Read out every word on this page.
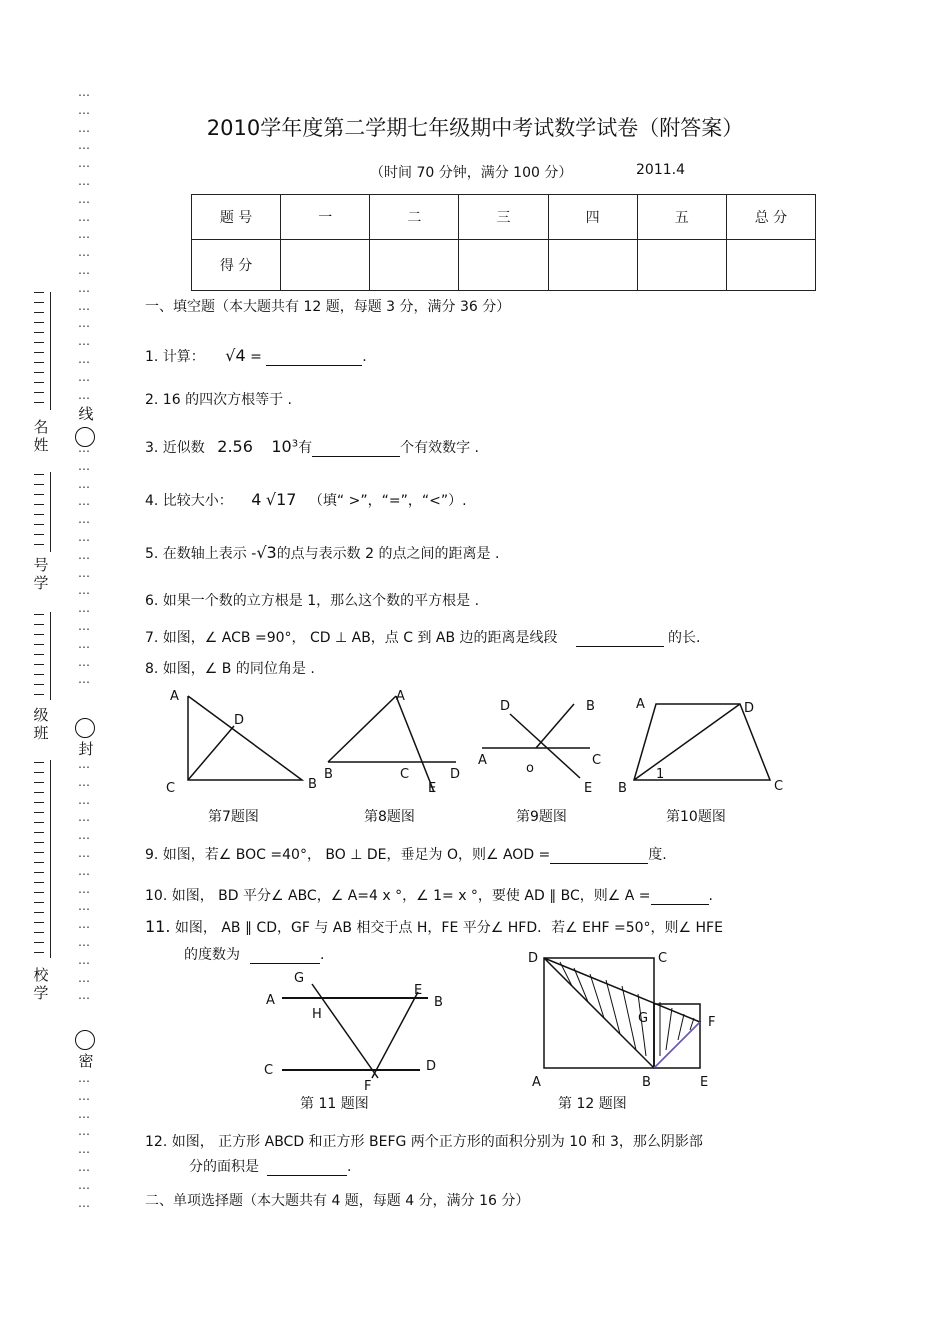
…
…
…
…
…
…
…
…
…
…
…
…
…
…
…
…
…
…

…
…
…
…
…
…
…
…
…
…
…
…
…
…

…
…
…
…
…
…
…
…
…
…
…
…
…
…

…
…
…
…
…
…
…
…

线
封
密
名姓
号学
级班
校学
2010学年度第二学期七年级期中考试数学试卷（附答案）
（时间 70 分钟，满分 100 分）	2011.4
题 号	一	二	三	四	五	总 分
得 分						
一、填空题（本大题共有 12 题，每题 3 分，满分 36 分）
1. 计算： √4 =	.
2. 16 的四次方根等于 .
3. 近似数 2.56 $10^3$有	个有效数字 .
4. 比较大小： 4 √17 （填“ >”，“=”，“<”）.
5. 在数轴上表示 -√3的点与表示数 2 的点之间的距离是 .
6. 如果一个数的立方根是 1，那么这个数的平方根是 .
7. 如图，∠ ACB =90°， CD ⊥ AB，点 C 到 AB 边的距离是线段	的长.
8. 如图，∠ B 的同位角是 .
A
D
C	B
第7题图
A
B	C	D
E
第8题图
D	B
C
A
o
E
第9题图
A	D
1
B	C
第10题图
9. 如图，若∠ BOC =40°， BO ⊥ DE，垂足为 O，则∠ AOD =	度.
10. 如图， BD 平分∠ ABC，∠ A=4 x °，∠ 1= x °，要使 AD ∥ BC，则∠ A =	.
11. 如图， AB ∥ CD，GF 与 AB 相交于点 H，FE 平分∠ HFD．若∠ EHF =50°，则∠ HFE
的度数为	.
G
E
A	B
H
C	D
F
第 11 题图
D	C
G	F
A	B	E
第 12 题图
12. 如图， 正方形 ABCD 和正方形 BEFG 两个正方形的面积分别为 10 和 3，那么阴影部
分的面积是	.
二、单项选择题（本大题共有 4 题，每题 4 分，满分 16 分）
